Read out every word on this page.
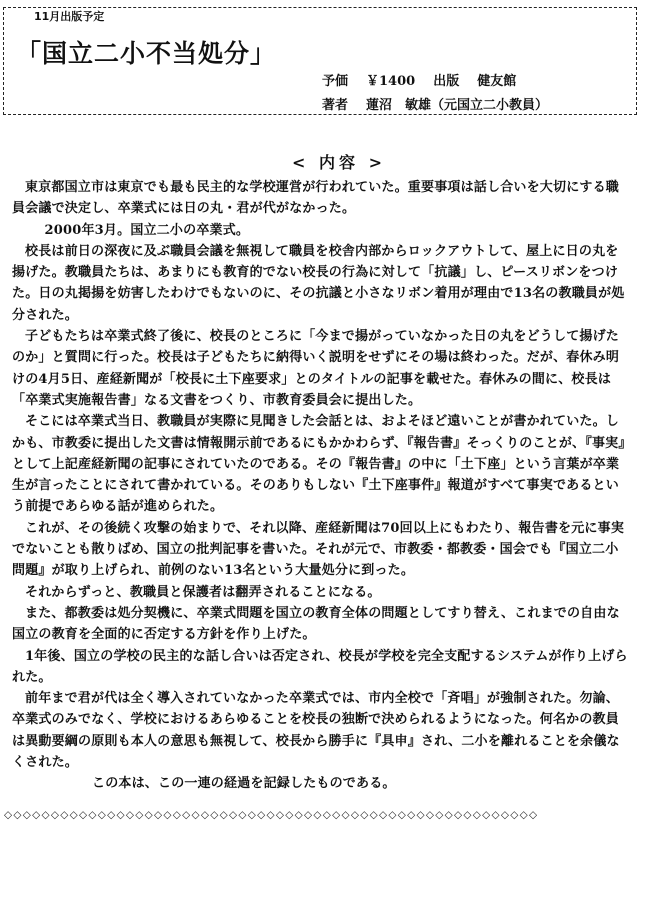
11月出版予定
「国立二小不当処分」
予価 ￥1400 出版 健友館
著者 蓮沼　敏雄（元国立二小教員）
< 内容 >

東京都国立市は東京でも最も民主的な学校運営が行われていた。重要事項は話し合いを大切にする職員会議で決定し、卒業式には日の丸・君が代がなかった。

2000年3月。国立二小の卒業式。

校長は前日の深夜に及ぶ職員会議を無視して職員を校舎内部からロックアウトして、屋上に日の丸を揚げた。教職員たちは、あまりにも教育的でない校長の行為に対して「抗議」し、ピースリボンをつけた。日の丸掲揚を妨害したわけでもないのに、その抗議と小さなリボン着用が理由で13名の教職員が処分された。

子どもたちは卒業式終了後に、校長のところに「今まで揚がっていなかった日の丸をどうして揚げたのか」と質問に行った。校長は子どもたちに納得いく説明をせずにその場は終わった。だが、春休み明けの4月5日、産経新聞が「校長に土下座要求」とのタイトルの記事を載せた。春休みの間に、校長は「卒業式実施報告書」なる文書をつくり、市教育委員会に提出した。

そこには卒業式当日、教職員が実際に見聞きした会話とは、およそほど遠いことが書かれていた。しかも、市教委に提出した文書は情報開示前であるにもかかわらず、『報告書』そっくりのことが、『事実』として上記産経新聞の記事にされていたのである。その『報告書』の中に「土下座」という言葉が卒業生が言ったことにされて書かれている。そのありもしない『土下座事件』報道がすべて事実であるという前提であらゆる話が進められた。

これが、その後続く攻撃の始まりで、それ以降、産経新聞は70回以上にもわたり、報告書を元に事実でないことも散りばめ、国立の批判記事を書いた。それが元で、市教委・都教委・国会でも『国立二小問題』が取り上げられ、前例のない13名という大量処分に到った。

それからずっと、教職員と保護者は翻弄されることになる。

また、都教委は処分契機に、卒業式問題を国立の教育全体の問題としてすり替え、これまでの自由な国立の教育を全面的に否定する方針を作り上げた。

1年後、国立の学校の民主的な話し合いは否定され、校長が学校を完全支配するシステムが作り上げられた。

前年まで君が代は全く導入されていなかった卒業式では、市内全校で「斉唱」が強制された。勿論、卒業式のみでなく、学校におけるあらゆることを校長の独断で決められるようになった。何名かの教員は異動要綱の原則も本人の意思も無視して、校長から勝手に『具申』され、二小を離れることを余儀なくされた。

この本は、この一連の経過を記録したものである。

◇◇◇◇◇◇◇◇◇◇◇◇◇◇◇◇◇◇◇◇◇◇◇◇◇◇◇◇◇◇◇◇◇◇◇◇◇◇◇◇◇◇◇◇◇◇◇◇◇◇◇◇◇◇◇◇◇
